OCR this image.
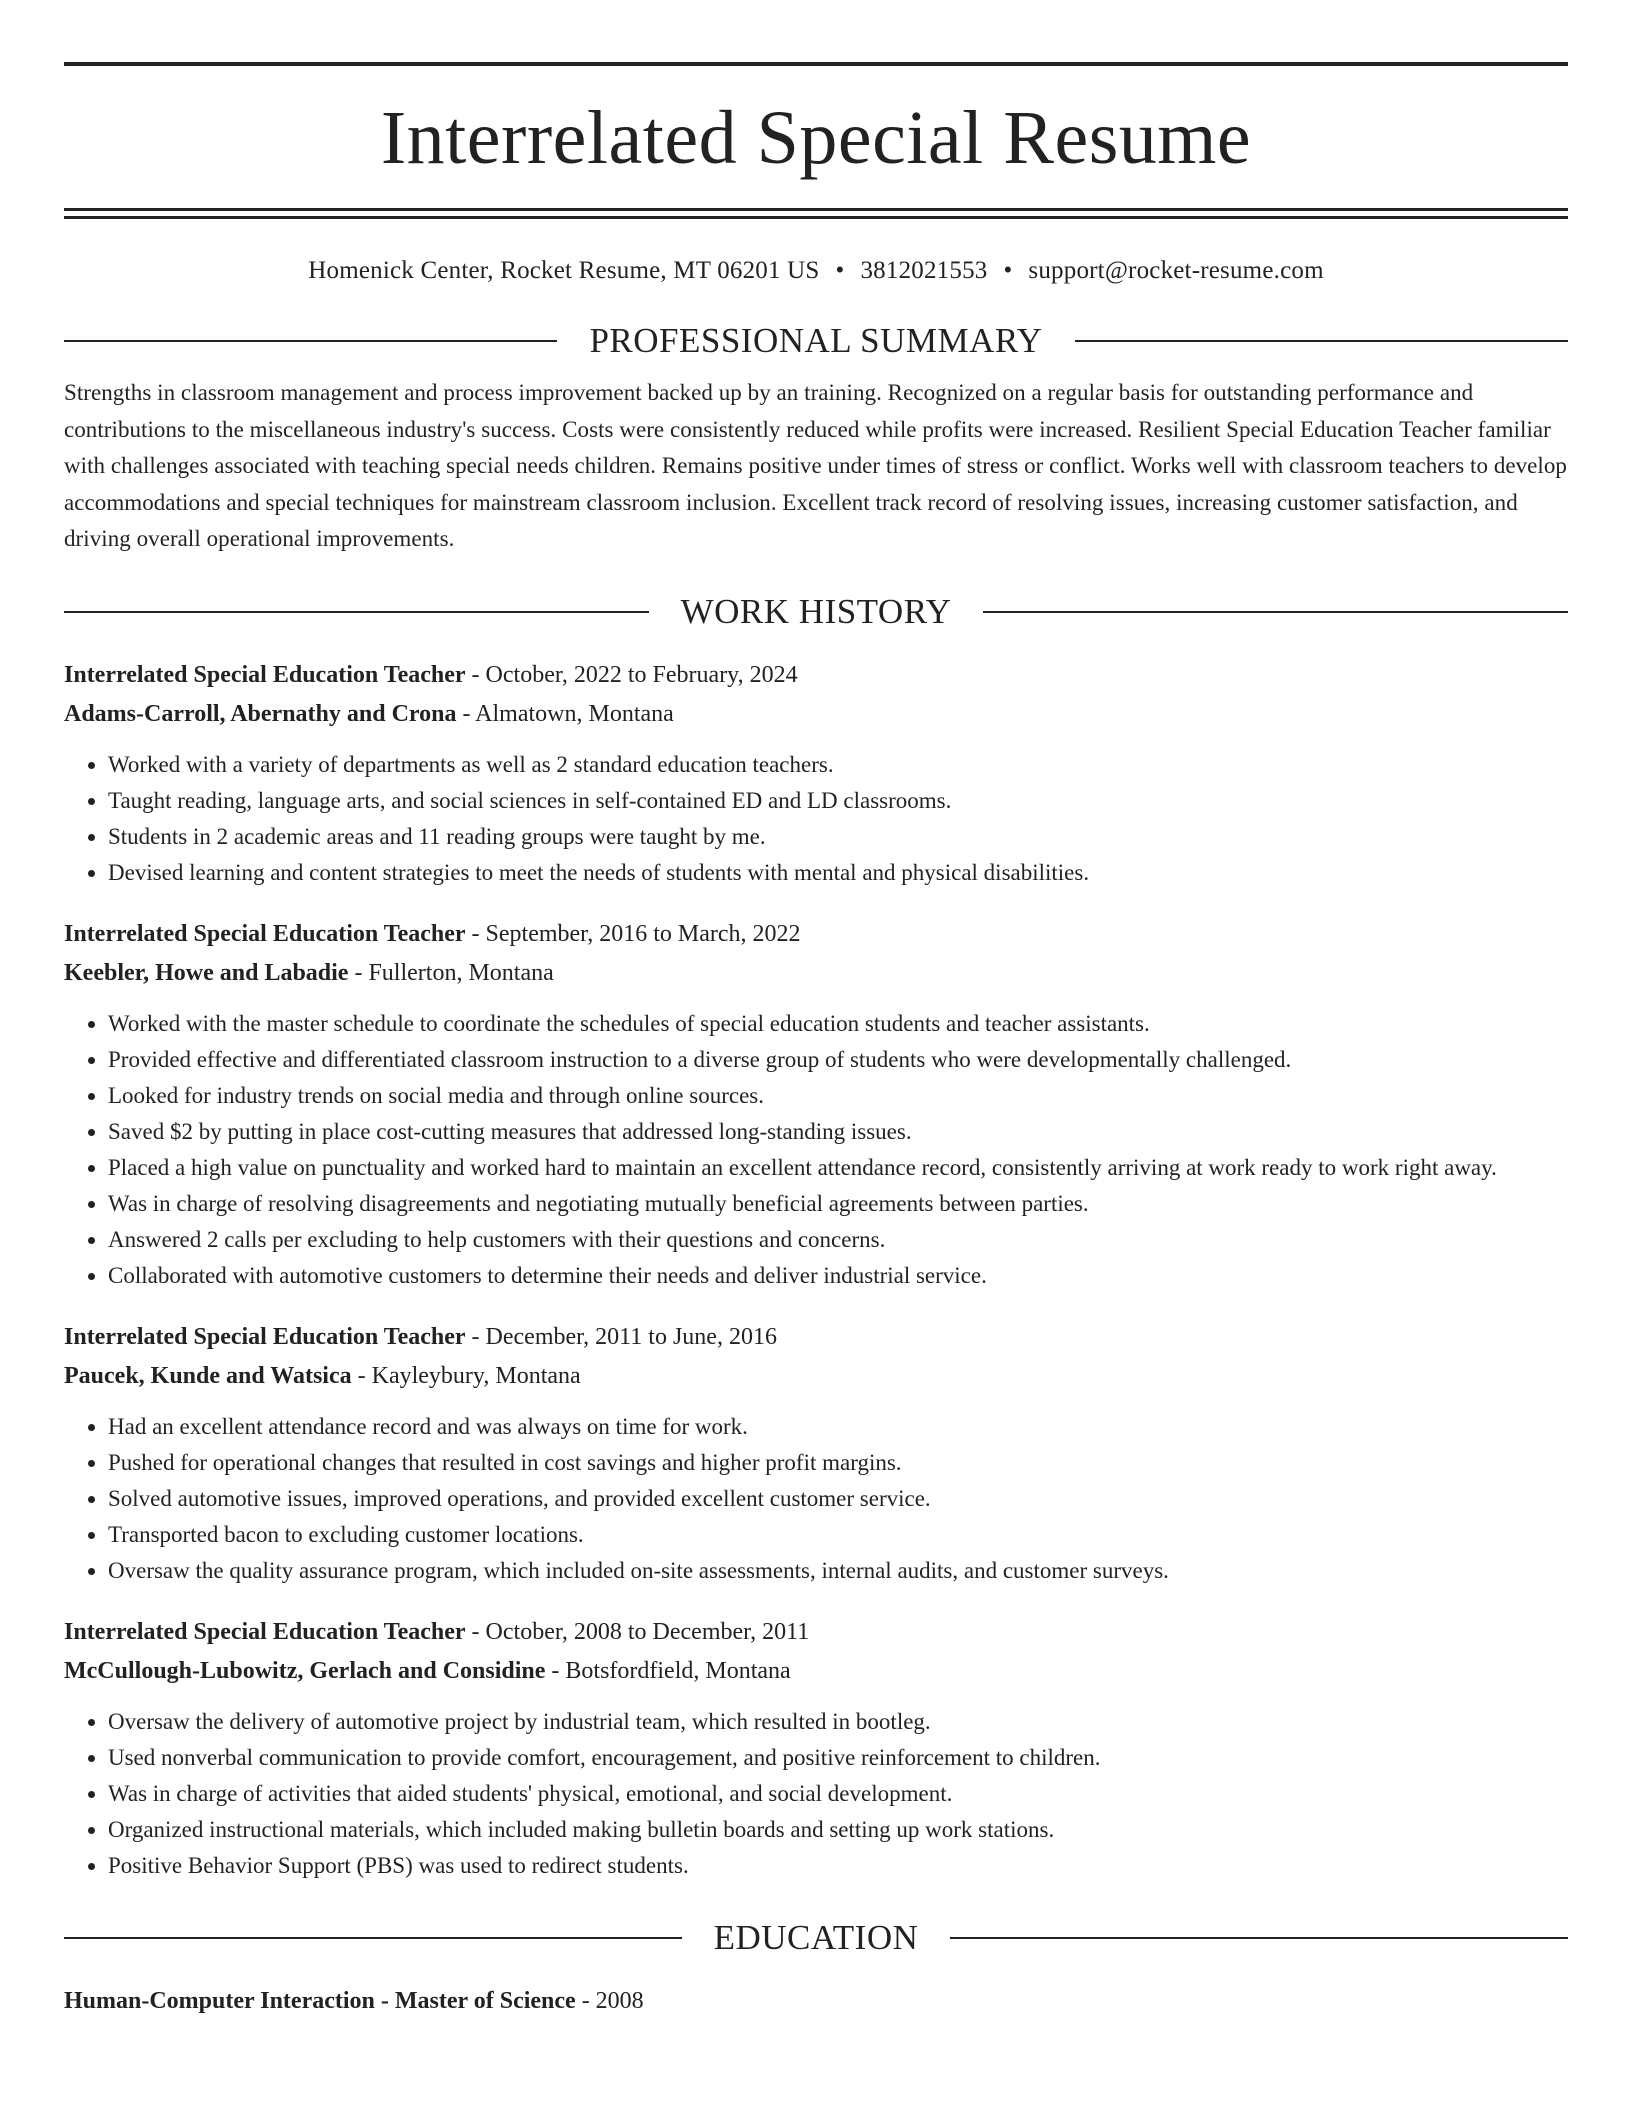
Interrelated Special Resume
Homenick Center, Rocket Resume, MT 06201 US • 3812021553 • support@rocket-resume.com
PROFESSIONAL SUMMARY
Strengths in classroom management and process improvement backed up by an training. Recognized on a regular basis for outstanding performance and contributions to the miscellaneous industry's success. Costs were consistently reduced while profits were increased. Resilient Special Education Teacher familiar with challenges associated with teaching special needs children. Remains positive under times of stress or conflict. Works well with classroom teachers to develop accommodations and special techniques for mainstream classroom inclusion. Excellent track record of resolving issues, increasing customer satisfaction, and driving overall operational improvements.
WORK HISTORY
Interrelated Special Education Teacher - October, 2022 to February, 2024
Adams-Carroll, Abernathy and Crona - Almatown, Montana
• Worked with a variety of departments as well as 2 standard education teachers.
• Taught reading, language arts, and social sciences in self-contained ED and LD classrooms.
• Students in 2 academic areas and 11 reading groups were taught by me.
• Devised learning and content strategies to meet the needs of students with mental and physical disabilities.
Interrelated Special Education Teacher - September, 2016 to March, 2022
Keebler, Howe and Labadie - Fullerton, Montana
• Worked with the master schedule to coordinate the schedules of special education students and teacher assistants.
• Provided effective and differentiated classroom instruction to a diverse group of students who were developmentally challenged.
• Looked for industry trends on social media and through online sources.
• Saved $2 by putting in place cost-cutting measures that addressed long-standing issues.
• Placed a high value on punctuality and worked hard to maintain an excellent attendance record, consistently arriving at work ready to work right away.
• Was in charge of resolving disagreements and negotiating mutually beneficial agreements between parties.
• Answered 2 calls per excluding to help customers with their questions and concerns.
• Collaborated with automotive customers to determine their needs and deliver industrial service.
Interrelated Special Education Teacher - December, 2011 to June, 2016
Paucek, Kunde and Watsica - Kayleybury, Montana
• Had an excellent attendance record and was always on time for work.
• Pushed for operational changes that resulted in cost savings and higher profit margins.
• Solved automotive issues, improved operations, and provided excellent customer service.
• Transported bacon to excluding customer locations.
• Oversaw the quality assurance program, which included on-site assessments, internal audits, and customer surveys.
Interrelated Special Education Teacher - October, 2008 to December, 2011
McCullough-Lubowitz, Gerlach and Considine - Botsfordfield, Montana
• Oversaw the delivery of automotive project by industrial team, which resulted in bootleg.
• Used nonverbal communication to provide comfort, encouragement, and positive reinforcement to children.
• Was in charge of activities that aided students' physical, emotional, and social development.
• Organized instructional materials, which included making bulletin boards and setting up work stations.
• Positive Behavior Support (PBS) was used to redirect students.
EDUCATION
Human-Computer Interaction - Master of Science - 2008
